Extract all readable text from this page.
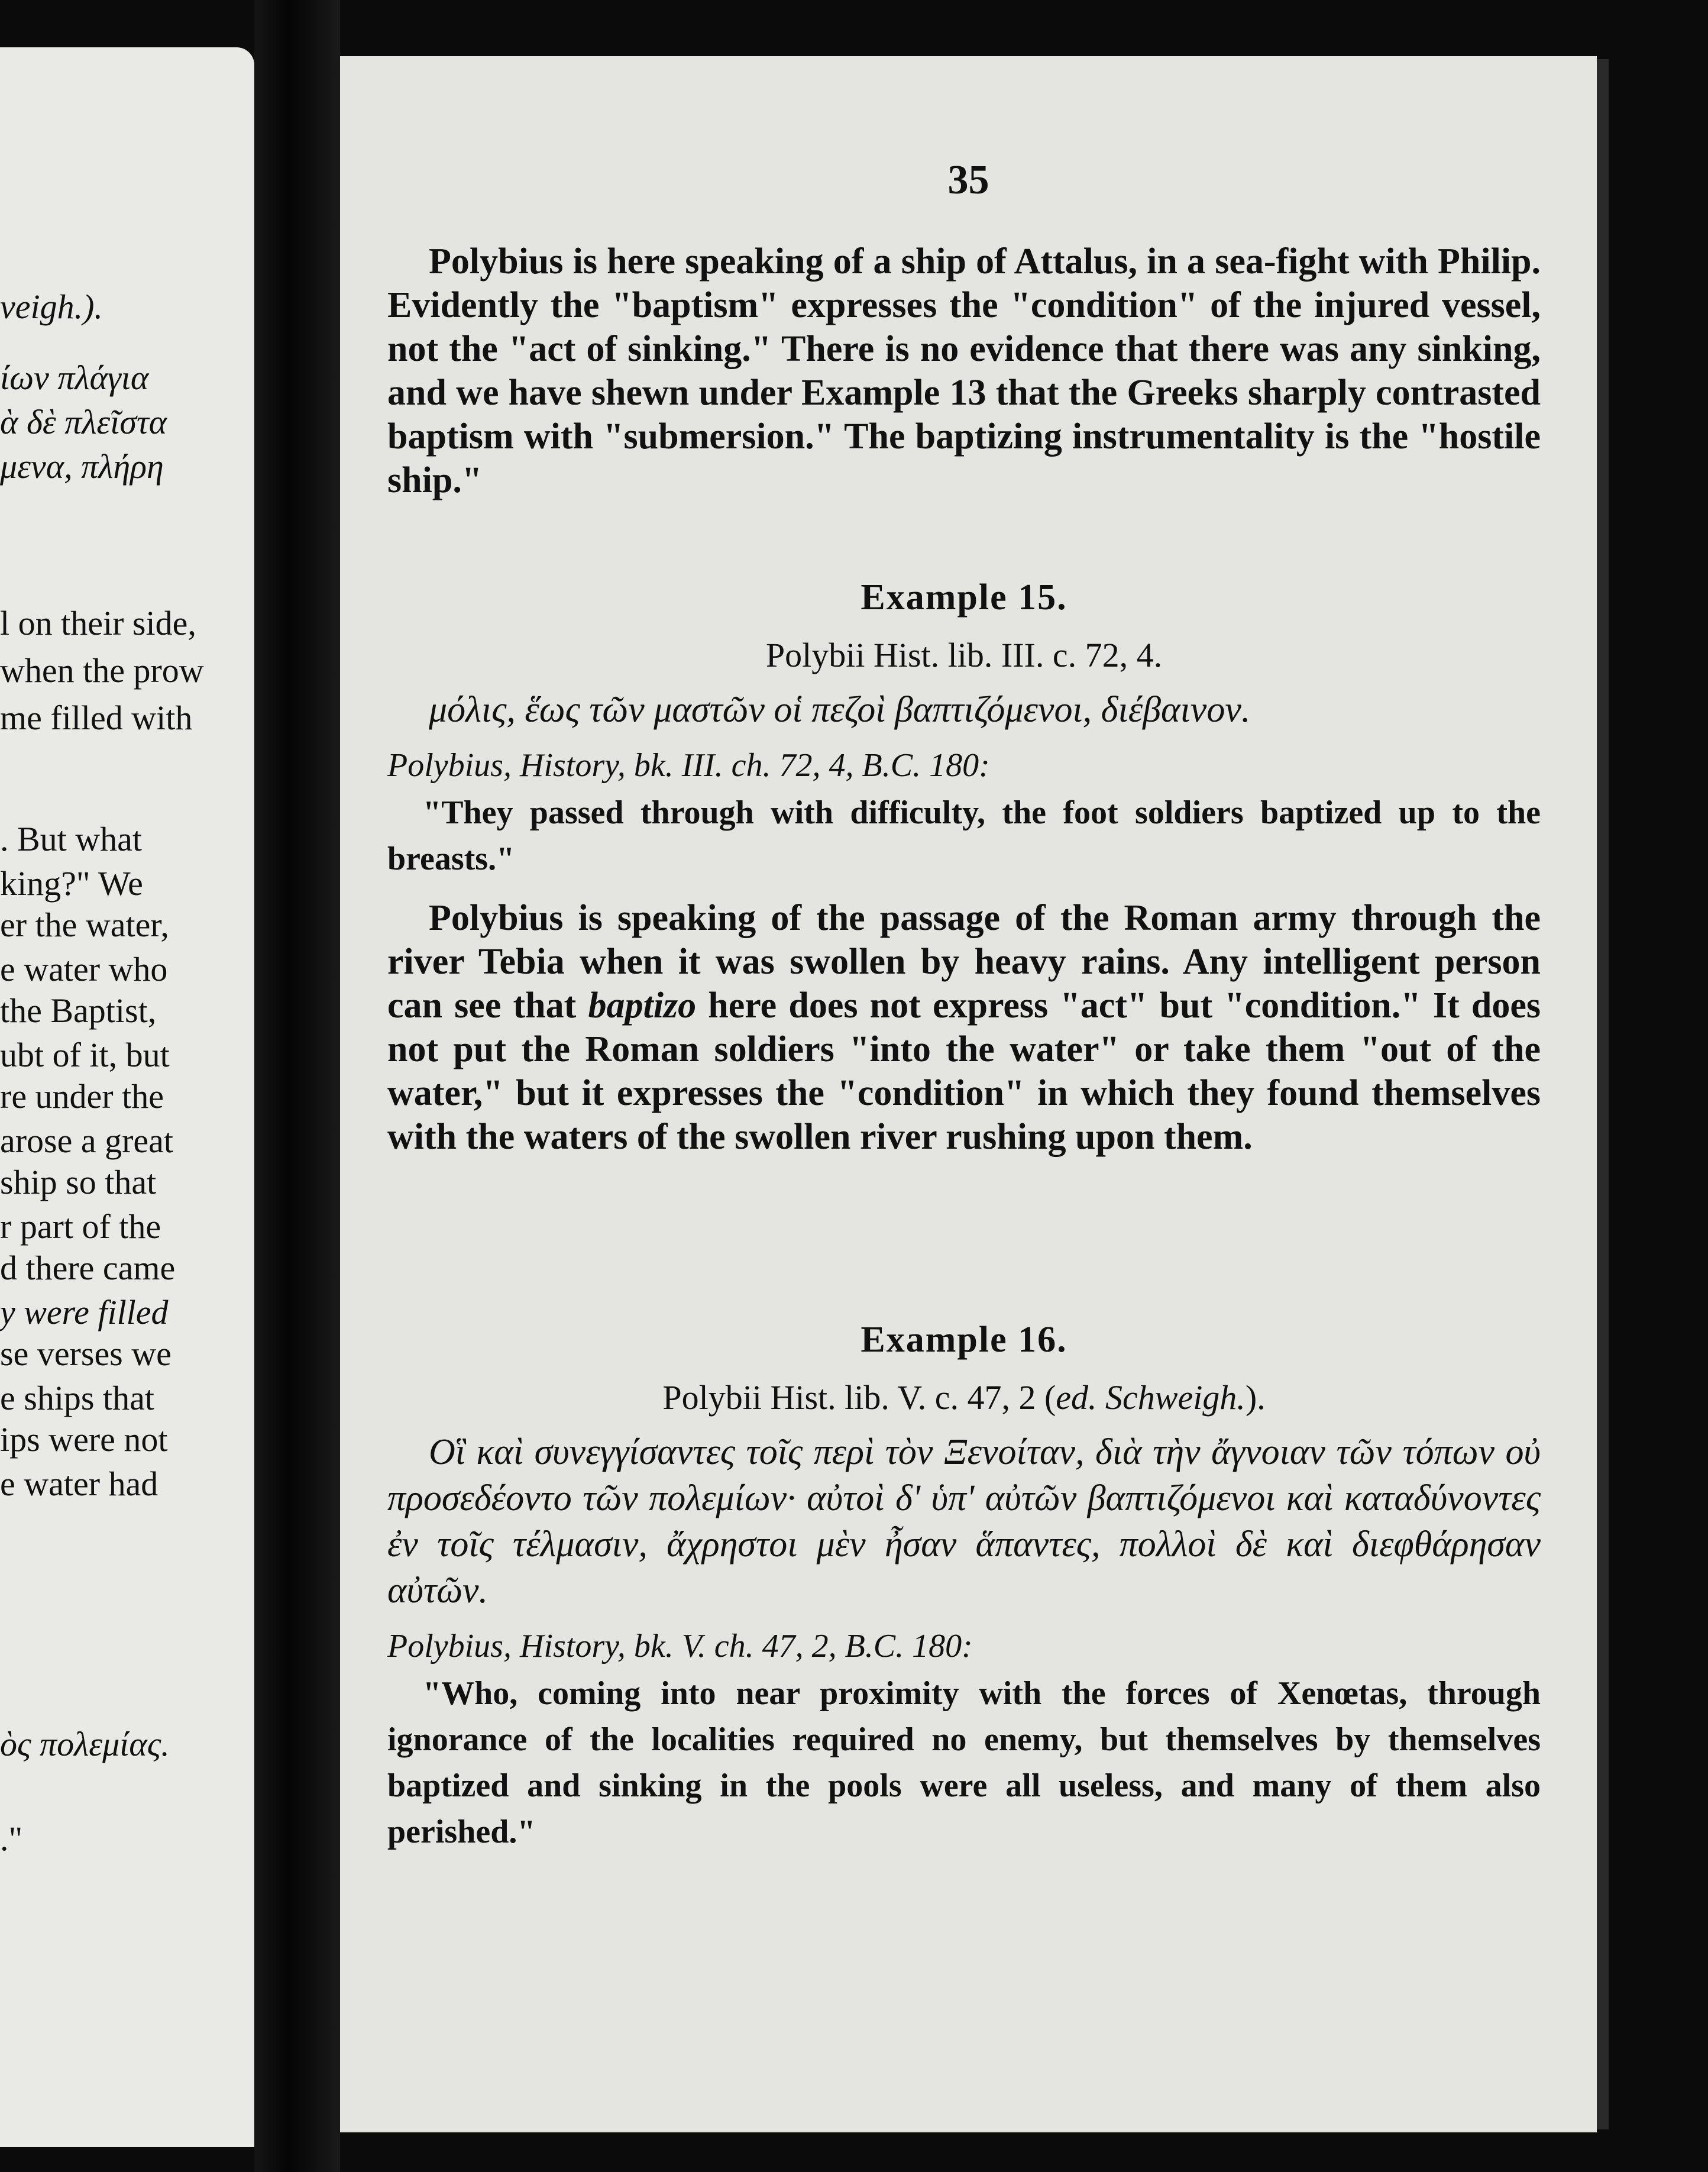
veigh.).
ίων πλάγια
ὰ δὲ πλεῖστα
μενα, πλήρη
l on their side,
when the prow
me filled with
. But what
king?" We
er the water,
e water who
the Baptist,
ubt of it, but
re under the
arose a great
ship so that
r part of the
d there came
y were filled
se verses we
e ships that
ips were not
e water had
ὸς πολεμίας.
."
35

Polybius is here speaking of a ship of Attalus, in a sea-fight with Philip. Evidently the "baptism" expresses the "condition" of the injured vessel, not the "act of sinking." There is no evidence that there was any sinking, and we have shewn under Example 13 that the Greeks sharply contrasted baptism with "submersion." The baptizing instrumentality is the "hostile ship."

Example 15.

Polybii Hist. lib. III. c. 72, 4.

μόλις, ἕως τῶν μαστῶν οἱ πεζοὶ βαπτιζόμενοι, διέβαινον.

Polybius, History, bk. III. ch. 72, 4, B.C. 180:

"They passed through with difficulty, the foot soldiers baptized up to the breasts."

Polybius is speaking of the passage of the Roman army through the river Tebia when it was swollen by heavy rains. Any intelligent person can see that baptizo here does not express "act" but "condition." It does not put the Roman soldiers "into the water" or take them "out of the water," but it expresses the "condition" in which they found themselves with the waters of the swollen river rushing upon them.

Example 16.

Polybii Hist. lib. V. c. 47, 2 (ed. Schweigh.).

Οἳ καὶ συνεγγίσαντες τοῖς περὶ τὸν Ξενοίταν, διὰ τὴν ἄγνοιαν τῶν τόπων οὐ προσεδέοντο τῶν πολεμίων· αὐτοὶ δ' ὑπ' αὐτῶν βαπτιζόμενοι καὶ καταδύνοντες ἐν τοῖς τέλμασιν, ἄχρηστοι μὲν ἦσαν ἅπαντες, πολλοὶ δὲ καὶ διεφθάρησαν αὐτῶν.

Polybius, History, bk. V. ch. 47, 2, B.C. 180:

"Who, coming into near proximity with the forces of Xenœtas, through ignorance of the localities required no enemy, but themselves by themselves baptized and sinking in the pools were all useless, and many of them also perished."
